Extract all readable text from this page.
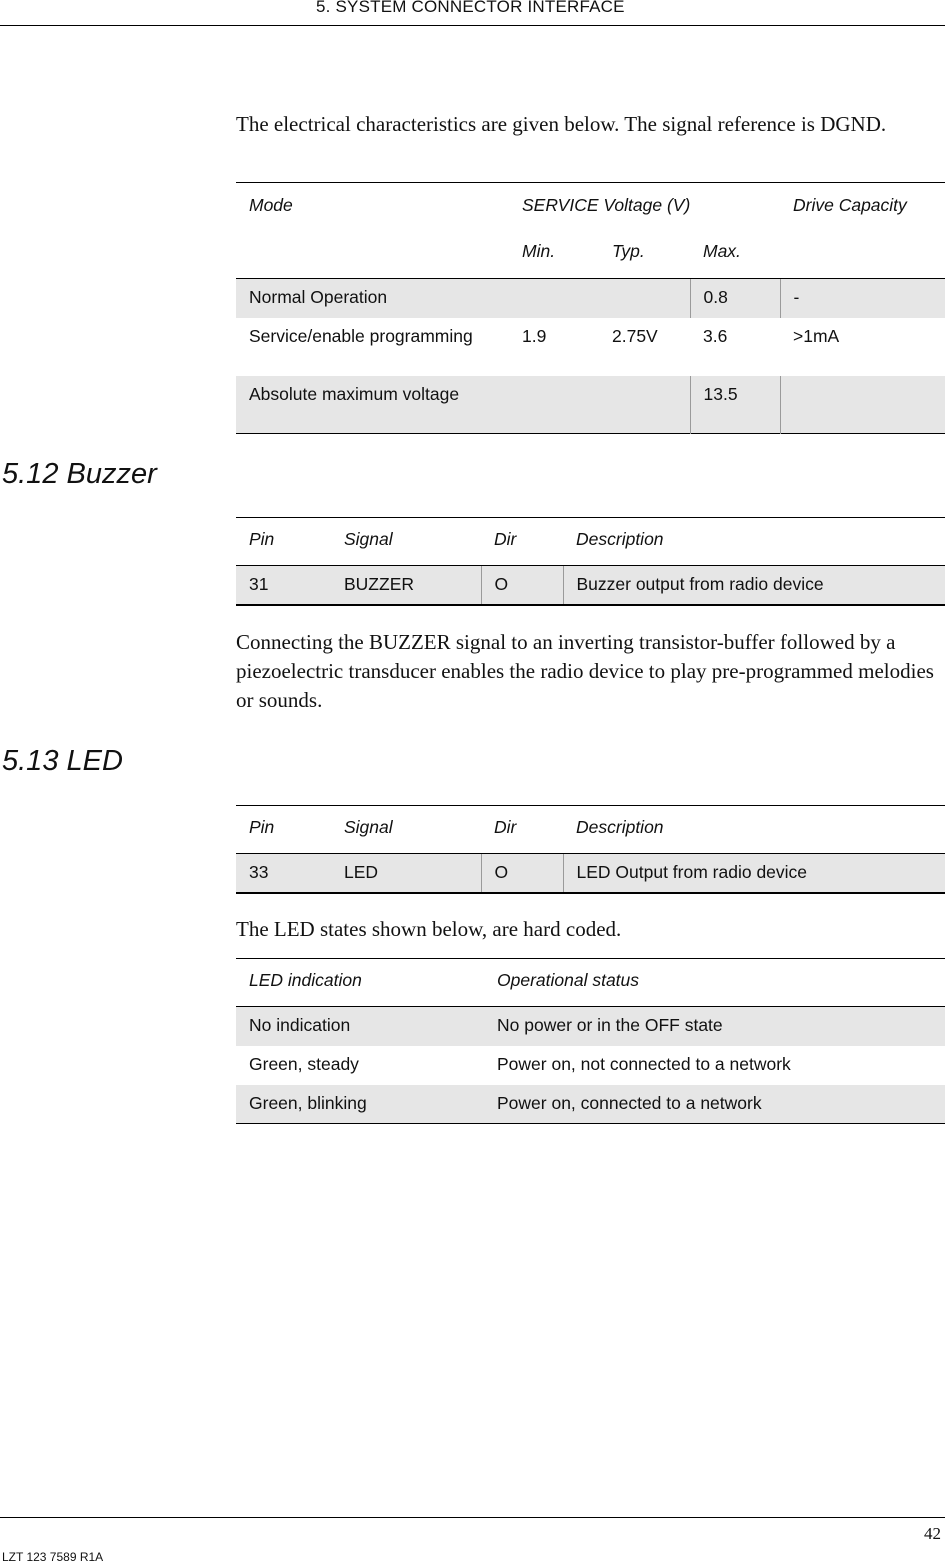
5. SYSTEM CONNECTOR INTERFACE
The electrical characteristics are given below. The signal reference is DGND.
Mode	SERVICE Voltage (V)			Drive Capacity
	Min.	Typ.	Max.	
Normal Operation			0.8	-
Service/enable programming	1.9	2.75V	3.6	>1mA
Absolute maximum voltage			13.5	
5.12 Buzzer
Pin	Signal	Dir	Description
31	BUZZER	O	Buzzer output from radio device
Connecting the BUZZER signal to an inverting transistor-buffer followed by a piezoelectric transducer enables the radio device to play pre-programmed melodies or sounds.
5.13 LED
Pin	Signal	Dir	Description
33	LED	O	LED Output from radio device
The LED states shown below, are hard coded.
LED indication	Operational status
No indication	No power or in the OFF state
Green, steady	Power on, not connected to a network
Green, blinking	Power on, connected to a network
42
LZT 123 7589 R1A
